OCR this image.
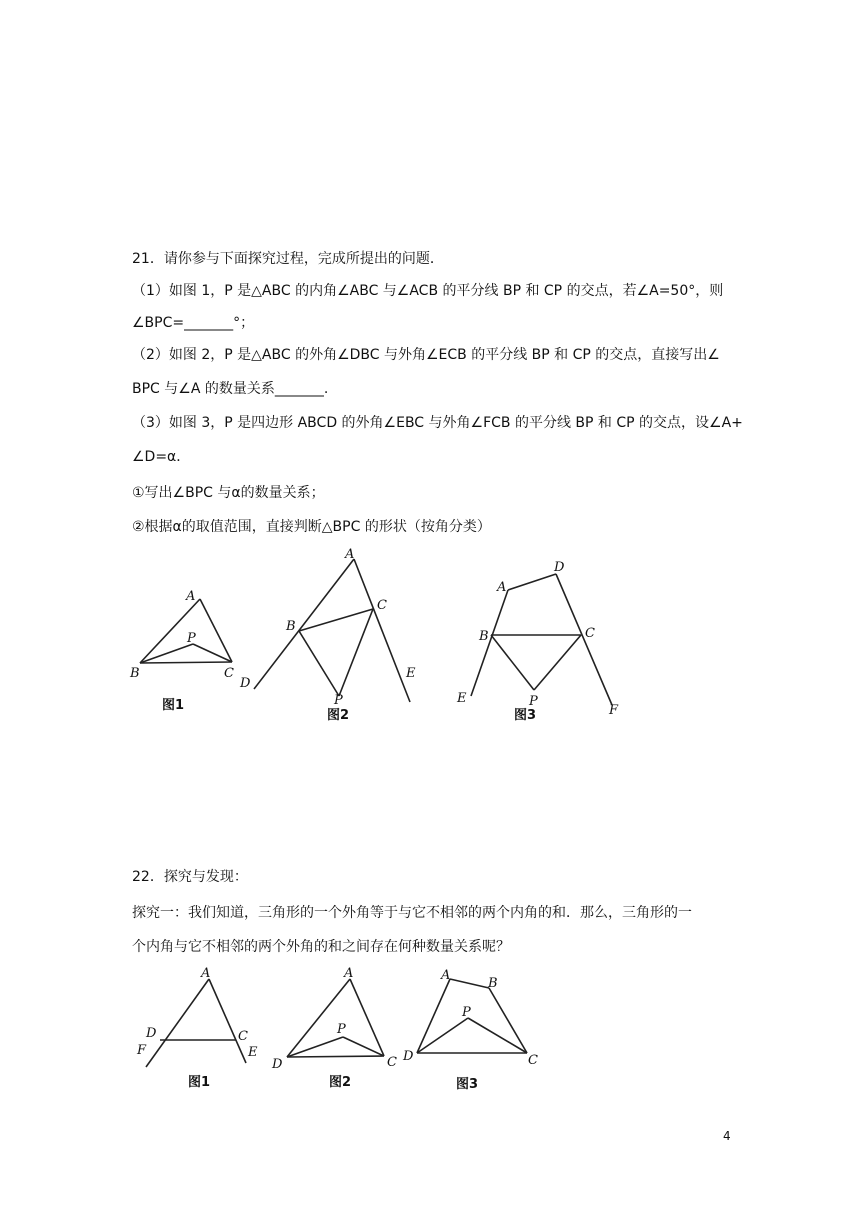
21．请你参与下面探究过程，完成所提出的问题．
（1）如图 1，P 是△ABC 的内角∠ABC 与∠ACB 的平分线 BP 和 CP 的交点，若∠A=50°，则
∠BPC=_______°；
（2）如图 2，P 是△ABC 的外角∠DBC 与外角∠ECB 的平分线 BP 和 CP 的交点，直接写出∠
BPC 与∠A 的数量关系_______.
（3）如图 3，P 是四边形 ABCD 的外角∠EBC 与外角∠FCB 的平分线 BP 和 CP 的交点，设∠A+
∠D=α．
①写出∠BPC 与α的数量关系；
②根据α的取值范围，直接判断△BPC 的形状（按角分类）
A
P
B	C
图1
A
B
C
D
E
P
图2
A
D
B	C
E	P
F
图3
22．探究与发现：
探究一：我们知道，三角形的一个外角等于与它不相邻的两个内角的和．那么，三角形的一
个内角与它不相邻的两个外角的和之间存在何种数量关系呢？
A
D
F
C
E
图1
A
P
D	C
图2
A
B
P
D	C
图3
4
